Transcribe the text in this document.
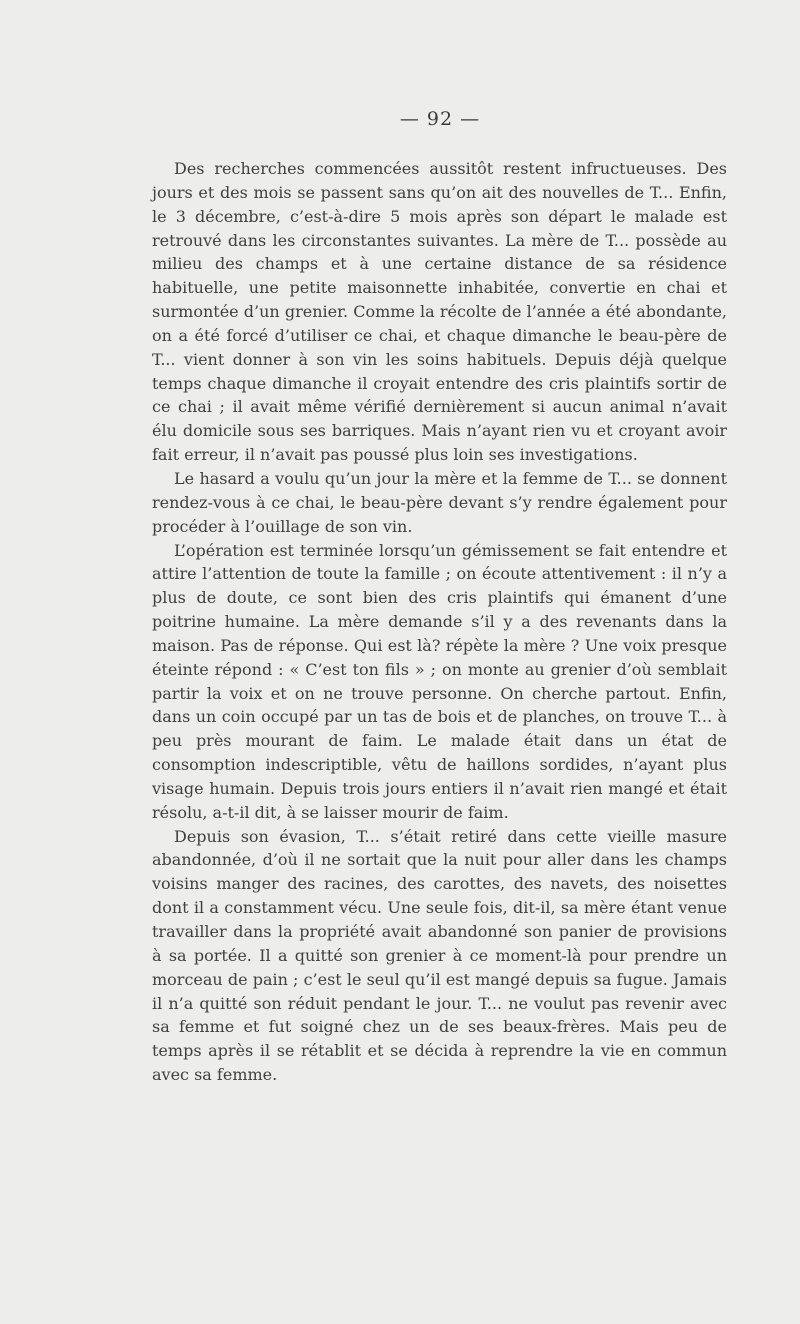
— 92 —

Des recherches commencées aussitôt restent infructueuses. Des jours et des mois se passent sans qu’on ait des nouvelles de T... Enfin, le 3 décembre, c’est-à-dire 5 mois après son départ le malade est retrouvé dans les circonstantes suivantes. La mère de T... possède au milieu des champs et à une certaine distance de sa résidence habituelle, une petite maisonnette inhabitée, convertie en chai et surmontée d’un grenier. Comme la récolte de l’année a été abondante, on a été forcé d’utiliser ce chai, et chaque dimanche le beau-père de T... vient donner à son vin les soins habituels. Depuis déjà quelque temps chaque dimanche il croyait entendre des cris plaintifs sortir de ce chai ; il avait même vérifié dernièrement si aucun animal n’avait élu domicile sous ses barriques. Mais n’ayant rien vu et croyant avoir fait erreur, il n’avait pas poussé plus loin ses investigations.

Le hasard a voulu qu’un jour la mère et la femme de T... se donnent rendez-vous à ce chai, le beau-père devant s’y rendre également pour procéder à l’ouillage de son vin.

L’opération est terminée lorsqu’un gémissement se fait entendre et attire l’attention de toute la famille ; on écoute attentivement : il n’y a plus de doute, ce sont bien des cris plaintifs qui émanent d’une poitrine humaine. La mère demande s’il y a des revenants dans la maison. Pas de réponse. Qui est là? répète la mère ? Une voix presque éteinte répond : « C’est ton fils » ; on monte au grenier d’où semblait partir la voix et on ne trouve personne. On cherche partout. Enfin, dans un coin occupé par un tas de bois et de planches, on trouve T... à peu près mourant de faim. Le malade était dans un état de consomption indescriptible, vêtu de haillons sordides, n’ayant plus visage humain. Depuis trois jours entiers il n’avait rien mangé et était résolu, a-t-il dit, à se laisser mourir de faim.

Depuis son évasion, T... s’était retiré dans cette vieille masure abandonnée, d’où il ne sortait que la nuit pour aller dans les champs voisins manger des racines, des carottes, des navets, des noisettes dont il a constamment vécu. Une seule fois, dit-il, sa mère étant venue travailler dans la propriété avait abandonné son panier de provisions à sa portée. Il a quitté son grenier à ce moment-là pour prendre un morceau de pain ; c’est le seul qu’il est mangé depuis sa fugue. Jamais il n’a quitté son réduit pendant le jour. T... ne voulut pas revenir avec sa femme et fut soigné chez un de ses beaux-frères. Mais peu de temps après il se rétablit et se décida à reprendre la vie en commun avec sa femme.
